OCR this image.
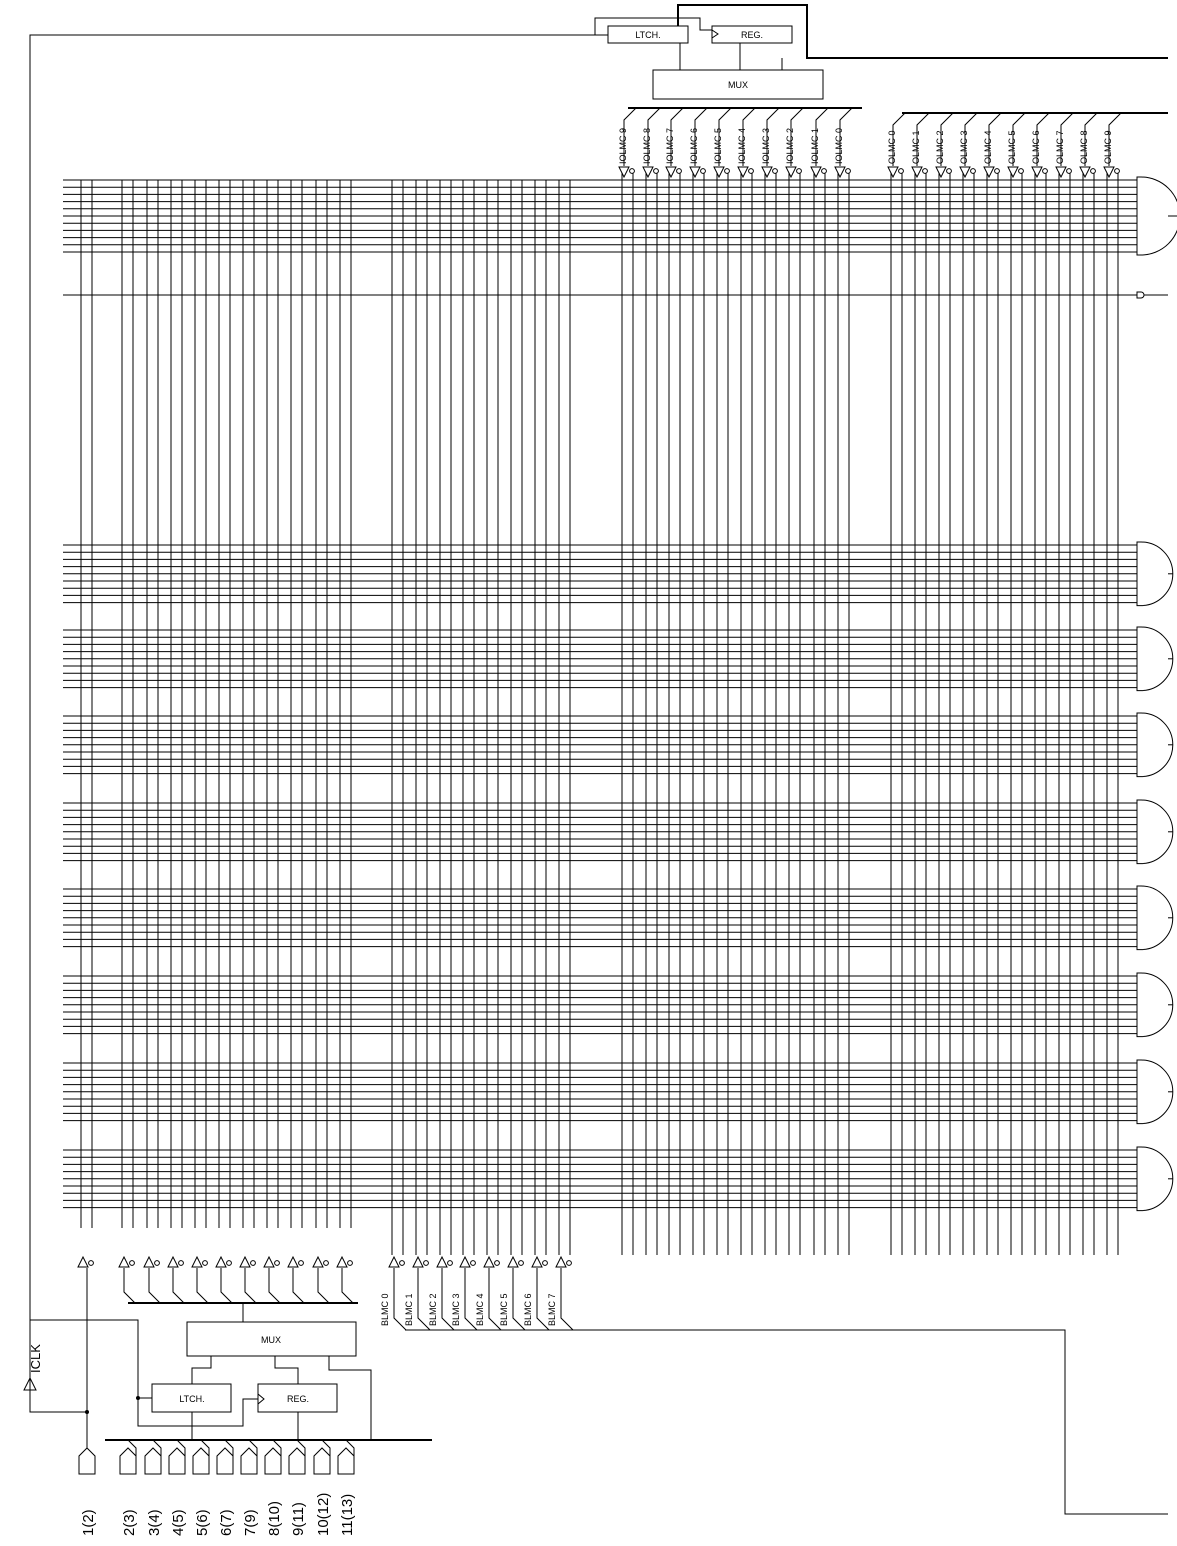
ICLK
LTCH.	REG.
MUX
MUX
LTCH.	REG.
IOLMC 9 IOLMC 8 IOLMC 7 IOLMC 6 IOLMC 5 IOLMC 4 IOLMC 3 IOLMC 2 IOLMC 1 IOLMC 0	OLMC 0 OLMC 1 OLMC 2 OLMC 3 OLMC 4 OLMC 5 OLMC 6 OLMC 7 OLMC 8 OLMC 9
BLMC 0 BLMC 1 BLMC 2 BLMC 3 BLMC 4 BLMC 5 BLMC 6 BLMC 7
1(2) 2(3) 3(4) 4(5) 5(6) 6(7) 7(9) 8(10) 9(11) 10(12) 11(13)
